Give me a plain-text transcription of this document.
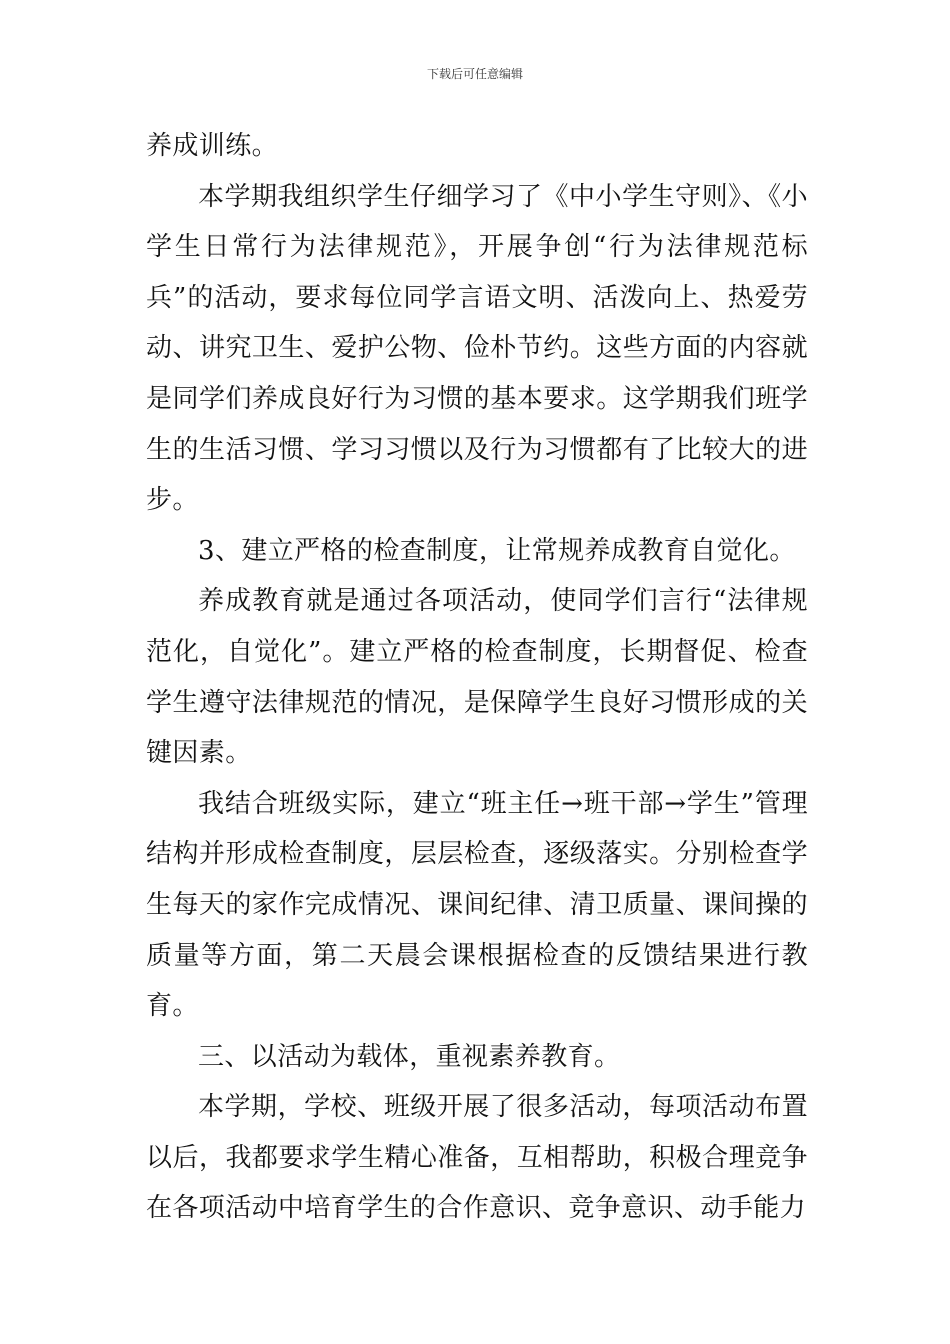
下载后可任意编辑

养成训练。

本学期我组织学生仔细学习了《中小学生守则》、《小学生日常行为法律规范》，开展争创“行为法律规范标兵”的活动，要求每位同学言语文明、活泼向上、热爱劳动、讲究卫生、爱护公物、俭朴节约。这些方面的内容就是同学们养成良好行为习惯的基本要求。这学期我们班学生的生活习惯、学习习惯以及行为习惯都有了比较大的进步。

3、建立严格的检查制度，让常规养成教育自觉化。

养成教育就是通过各项活动，使同学们言行“法律规范化，自觉化”。建立严格的检查制度，长期督促、检查学生遵守法律规范的情况，是保障学生良好习惯形成的关键因素。

我结合班级实际，建立“班主任→班干部→学生”管理结构并形成检查制度，层层检查，逐级落实。分别检查学生每天的家作完成情况、课间纪律、清卫质量、课间操的质量等方面，第二天晨会课根据检查的反馈结果进行教育。

三、以活动为载体，重视素养教育。

本学期，学校、班级开展了很多活动，每项活动布置以后，我都要求学生精心准备，互相帮助，积极合理竞争在各项活动中培育学生的合作意识、竞争意识、动手能力
